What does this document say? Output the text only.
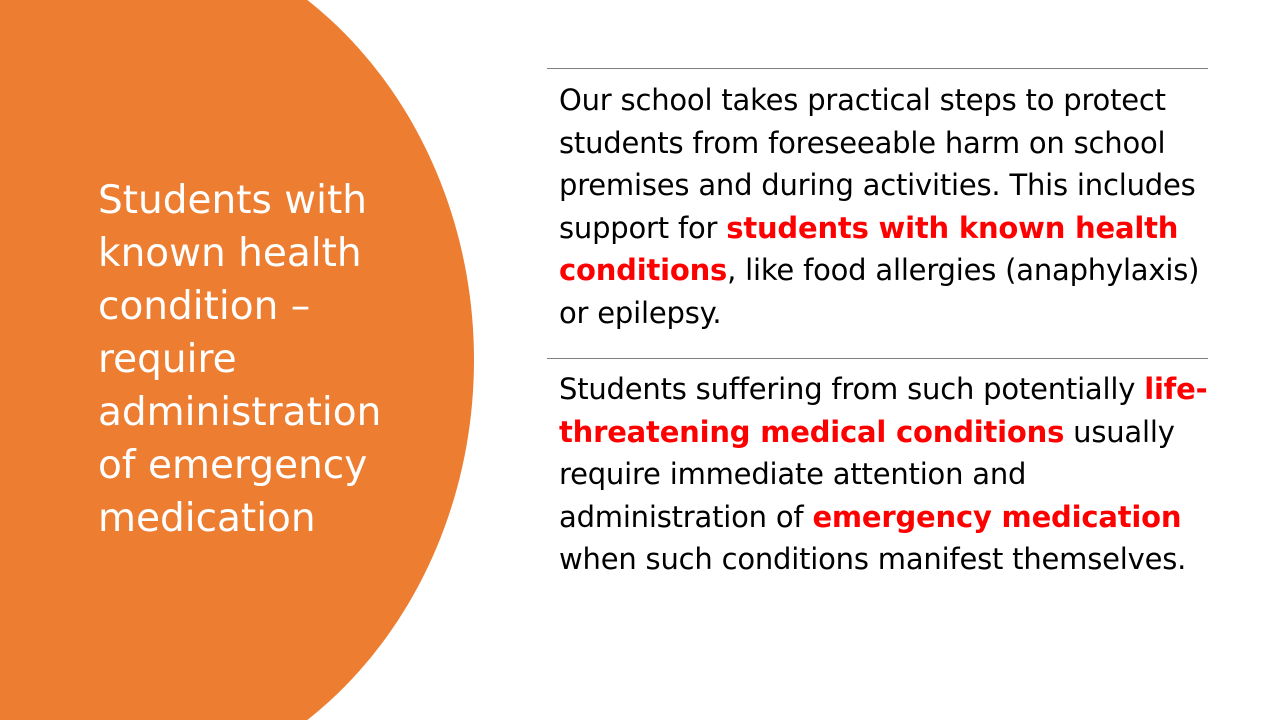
Students with known health condition – require administration of emergency medication

Our school takes practical steps to protect students from foreseeable harm on school premises and during activities. This includes support for students with known health conditions, like food allergies (anaphylaxis) or epilepsy.

Students suffering from such potentially life-threatening medical conditions usually require immediate attention and administration of emergency medication when such conditions manifest themselves.
